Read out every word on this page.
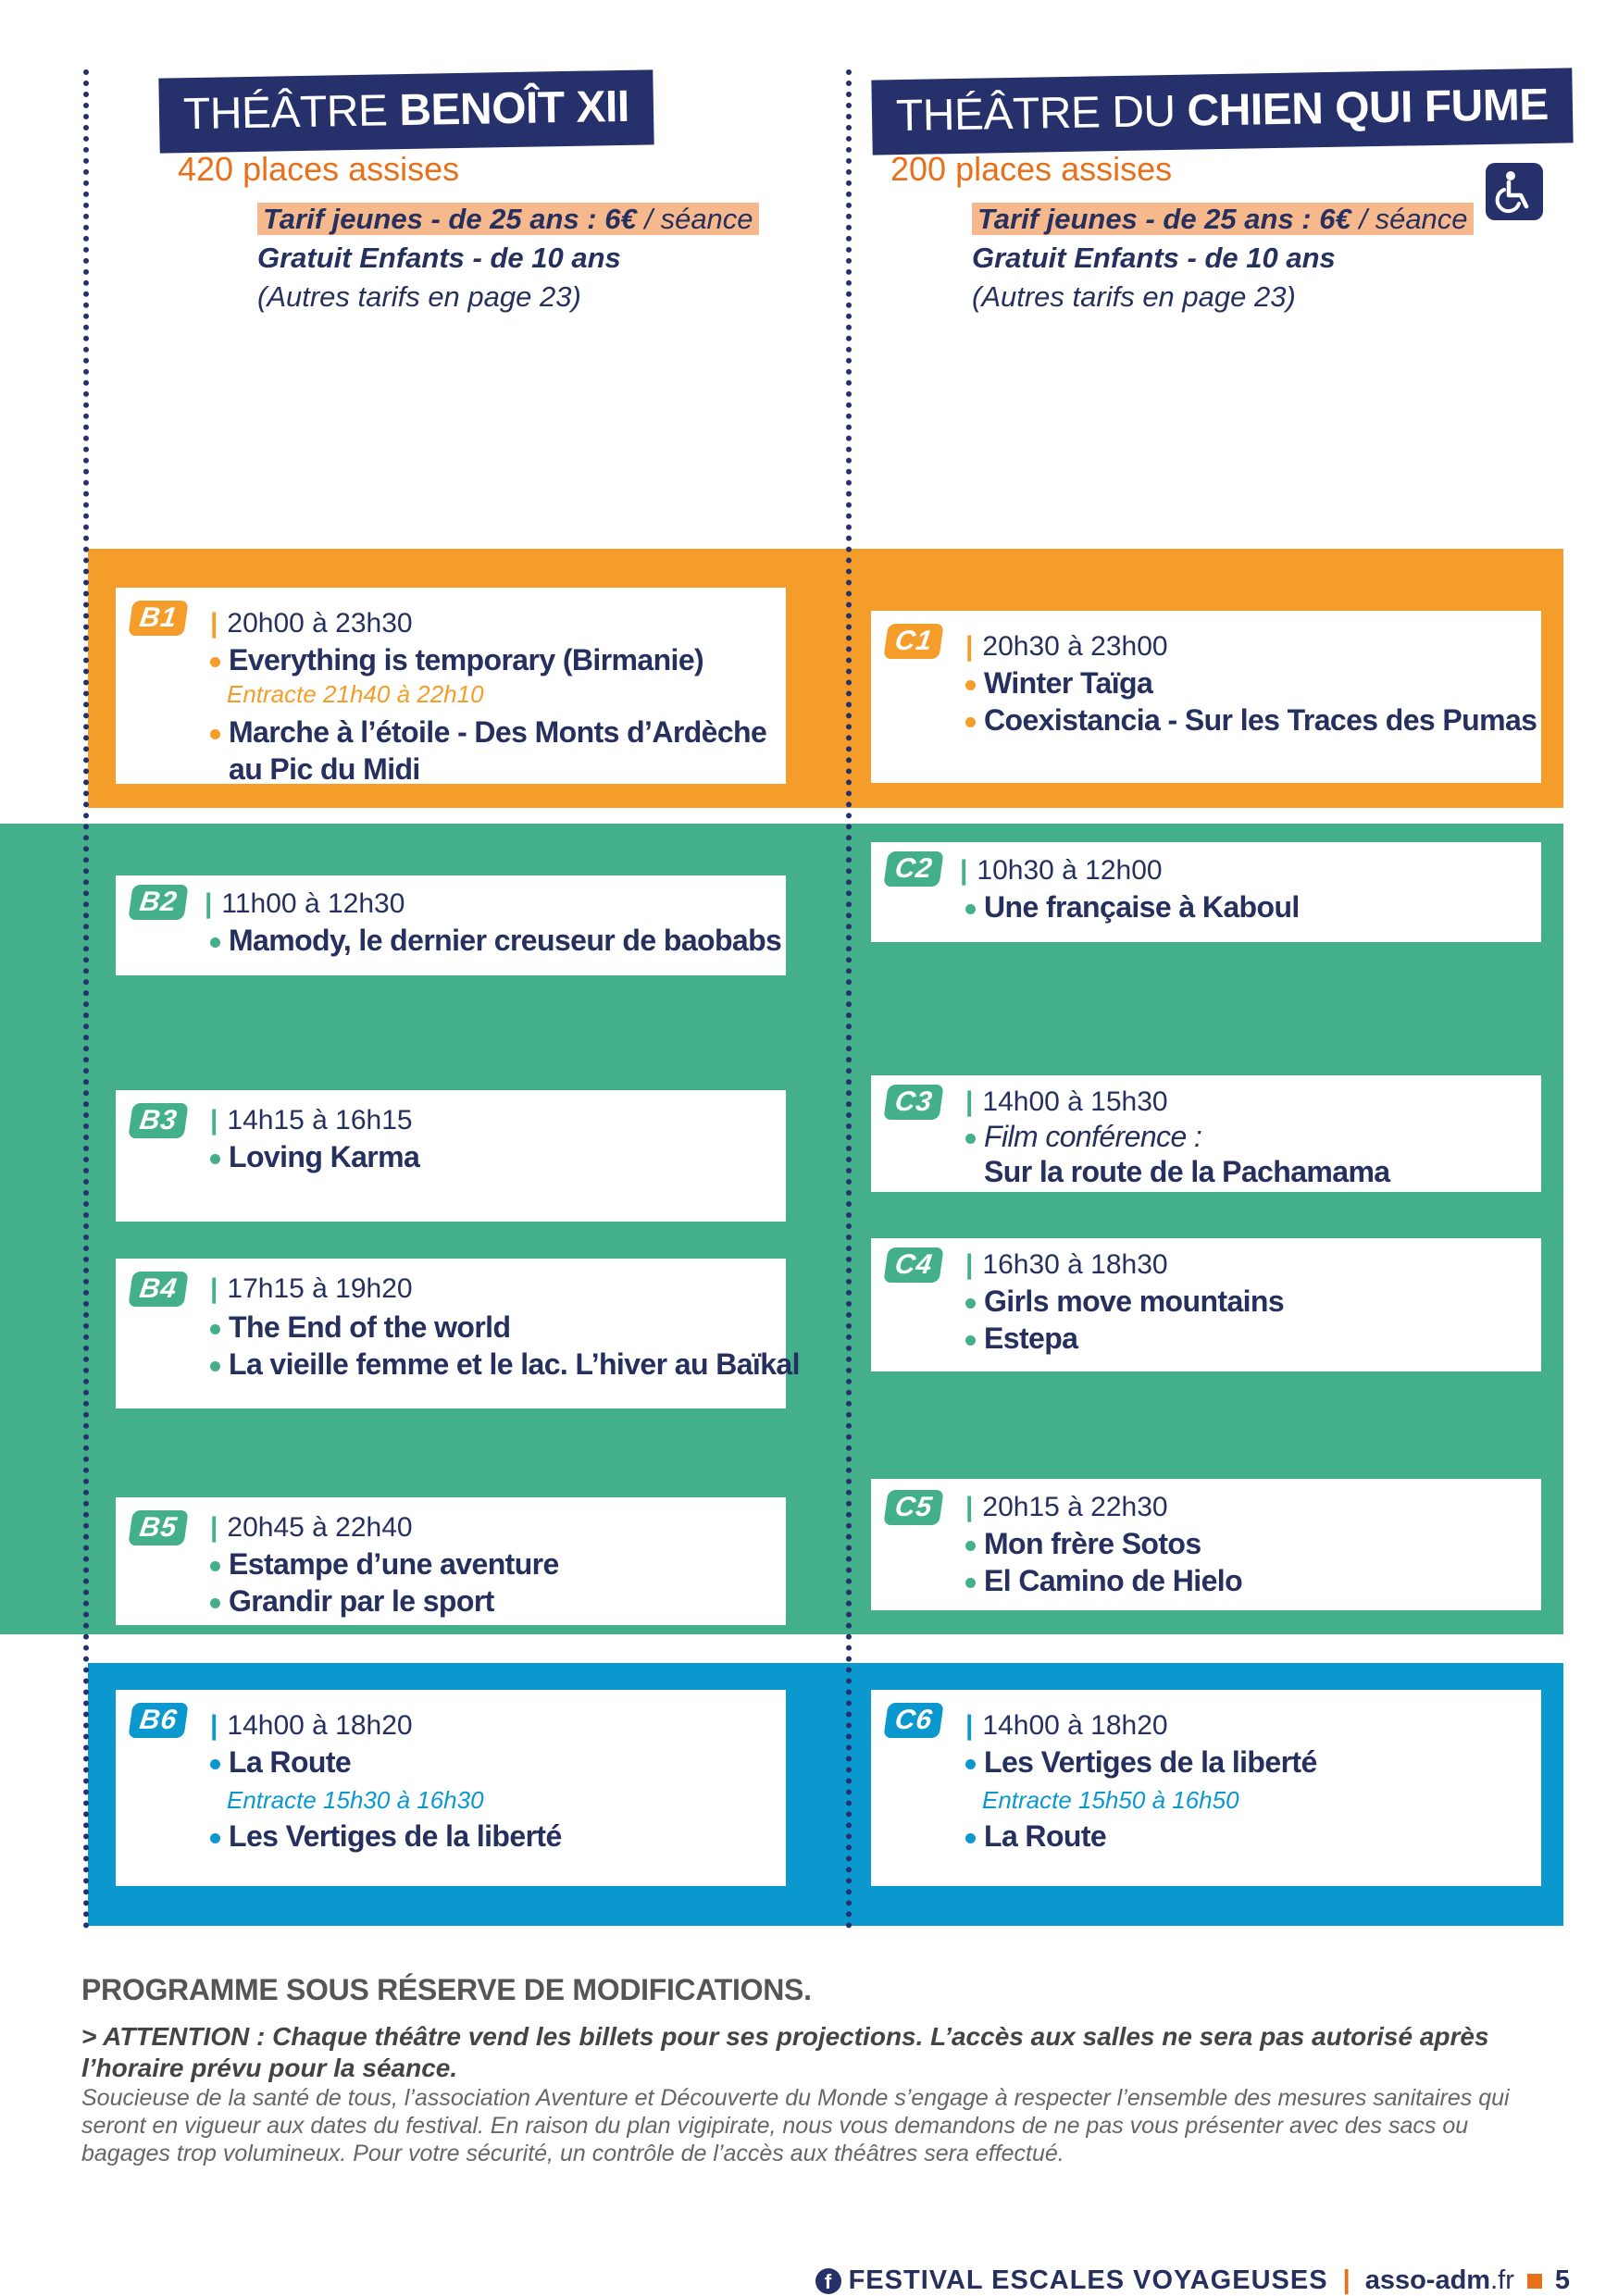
THÉÂTRE BENOÎT XII
420 places assises
Tarif jeunes - de 25 ans : 6€ / séance
Gratuit Enfants - de 10 ans
(Autres tarifs en page 23)
THÉÂTRE DU CHIEN QUI FUME
200 places assises
Tarif jeunes - de 25 ans : 6€ / séance
Gratuit Enfants - de 10 ans
(Autres tarifs en page 23)
B1	| 20h00 à 23h30
Everything is temporary (Birmanie)
Entracte 21h40 à 22h10
Marche à l’étoile - Des Monts d’Ardèche
au Pic du Midi
C1	| 20h30 à 23h00
Winter Taïga
Coexistancia - Sur les Traces des Pumas
B2 | 11h00 à 12h30
Mamody, le dernier creuseur de baobabs
C2 | 10h30 à 12h00
Une française à Kaboul
B3	| 14h15 à 16h15
Loving Karma
C3	| 14h00 à 15h30
Film conférence :
Sur la route de la Pachamama
B4	| 17h15 à 19h20
The End of the world
La vieille femme et le lac. L’hiver au Baïkal
C4	| 16h30 à 18h30
Girls move mountains
Estepa
B5	| 20h45 à 22h40
Estampe d’une aventure
Grandir par le sport
C5	| 20h15 à 22h30
Mon frère Sotos
El Camino de Hielo
B6	| 14h00 à 18h20
La Route
Entracte 15h30 à 16h30
Les Vertiges de la liberté
C6	| 14h00 à 18h20
Les Vertiges de la liberté
Entracte 15h50 à 16h50
La Route
PROGRAMME SOUS RÉSERVE DE MODIFICATIONS.
> ATTENTION : Chaque théâtre vend les billets pour ses projections. L’accès aux salles ne sera pas autorisé après l’horaire prévu pour la séance.
Soucieuse de la santé de tous, l’association Aventure et Découverte du Monde s’engage à respecter l’ensemble des mesures sanitaires qui seront en vigueur aux dates du festival. En raison du plan vigipirate, nous vous demandons de ne pas vous présenter avec des sacs ou bagages trop volumineux. Pour votre sécurité, un contrôle de l’accès aux théâtres sera effectué.
f FESTIVAL ESCALES VOYAGEUSES | asso-adm.fr 5
